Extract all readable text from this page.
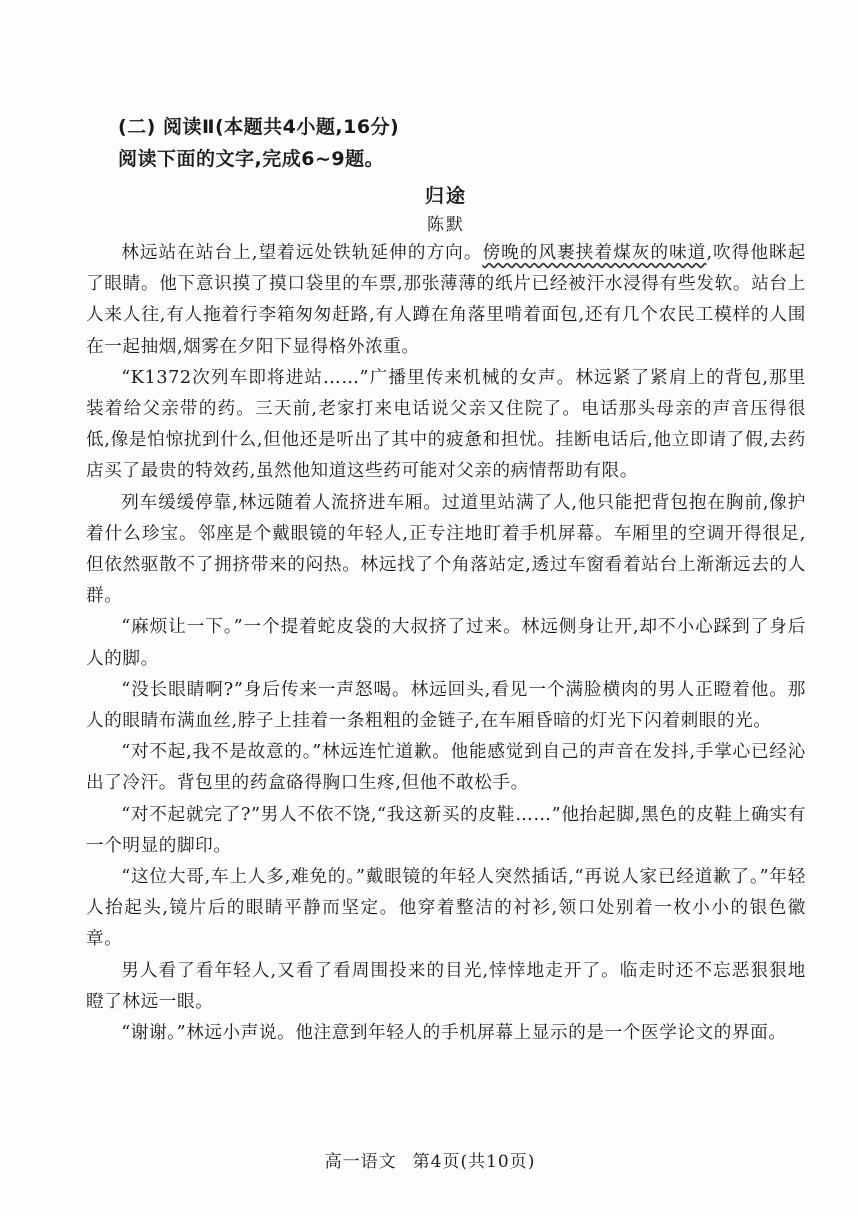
(二) 阅读Ⅱ(本题共4小题,16分)
阅读下面的文字,完成6~9题。
归途
陈默

林远站在站台上,望着远处铁轨延伸的方向。傍晚的风裹挟着煤灰的味道,吹得他眯起了眼睛。他下意识摸了摸口袋里的车票,那张薄薄的纸片已经被汗水浸得有些发软。站台上人来人往,有人拖着行李箱匆匆赶路,有人蹲在角落里啃着面包,还有几个农民工模样的人围在一起抽烟,烟雾在夕阳下显得格外浓重。

“K1372次列车即将进站……”广播里传来机械的女声。林远紧了紧肩上的背包,那里装着给父亲带的药。三天前,老家打来电话说父亲又住院了。电话那头母亲的声音压得很低,像是怕惊扰到什么,但他还是听出了其中的疲惫和担忧。挂断电话后,他立即请了假,去药店买了最贵的特效药,虽然他知道这些药可能对父亲的病情帮助有限。

列车缓缓停靠,林远随着人流挤进车厢。过道里站满了人,他只能把背包抱在胸前,像护着什么珍宝。邻座是个戴眼镜的年轻人,正专注地盯着手机屏幕。车厢里的空调开得很足,但依然驱散不了拥挤带来的闷热。林远找了个角落站定,透过车窗看着站台上渐渐远去的人群。

“麻烦让一下。”一个提着蛇皮袋的大叔挤了过来。林远侧身让开,却不小心踩到了身后人的脚。

“没长眼睛啊?”身后传来一声怒喝。林远回头,看见一个满脸横肉的男人正瞪着他。那人的眼睛布满血丝,脖子上挂着一条粗粗的金链子,在车厢昏暗的灯光下闪着刺眼的光。

“对不起,我不是故意的。”林远连忙道歉。他能感觉到自己的声音在发抖,手掌心已经沁出了冷汗。背包里的药盒硌得胸口生疼,但他不敢松手。

“对不起就完了?”男人不依不饶,“我这新买的皮鞋……”他抬起脚,黑色的皮鞋上确实有一个明显的脚印。

“这位大哥,车上人多,难免的。”戴眼镜的年轻人突然插话,“再说人家已经道歉了。”年轻人抬起头,镜片后的眼睛平静而坚定。他穿着整洁的衬衫,领口处别着一枚小小的银色徽章。

男人看了看年轻人,又看了看周围投来的目光,悻悻地走开了。临走时还不忘恶狠狠地瞪了林远一眼。

“谢谢。”林远小声说。他注意到年轻人的手机屏幕上显示的是一个医学论文的界面。

高一语文 第4页(共10页)
